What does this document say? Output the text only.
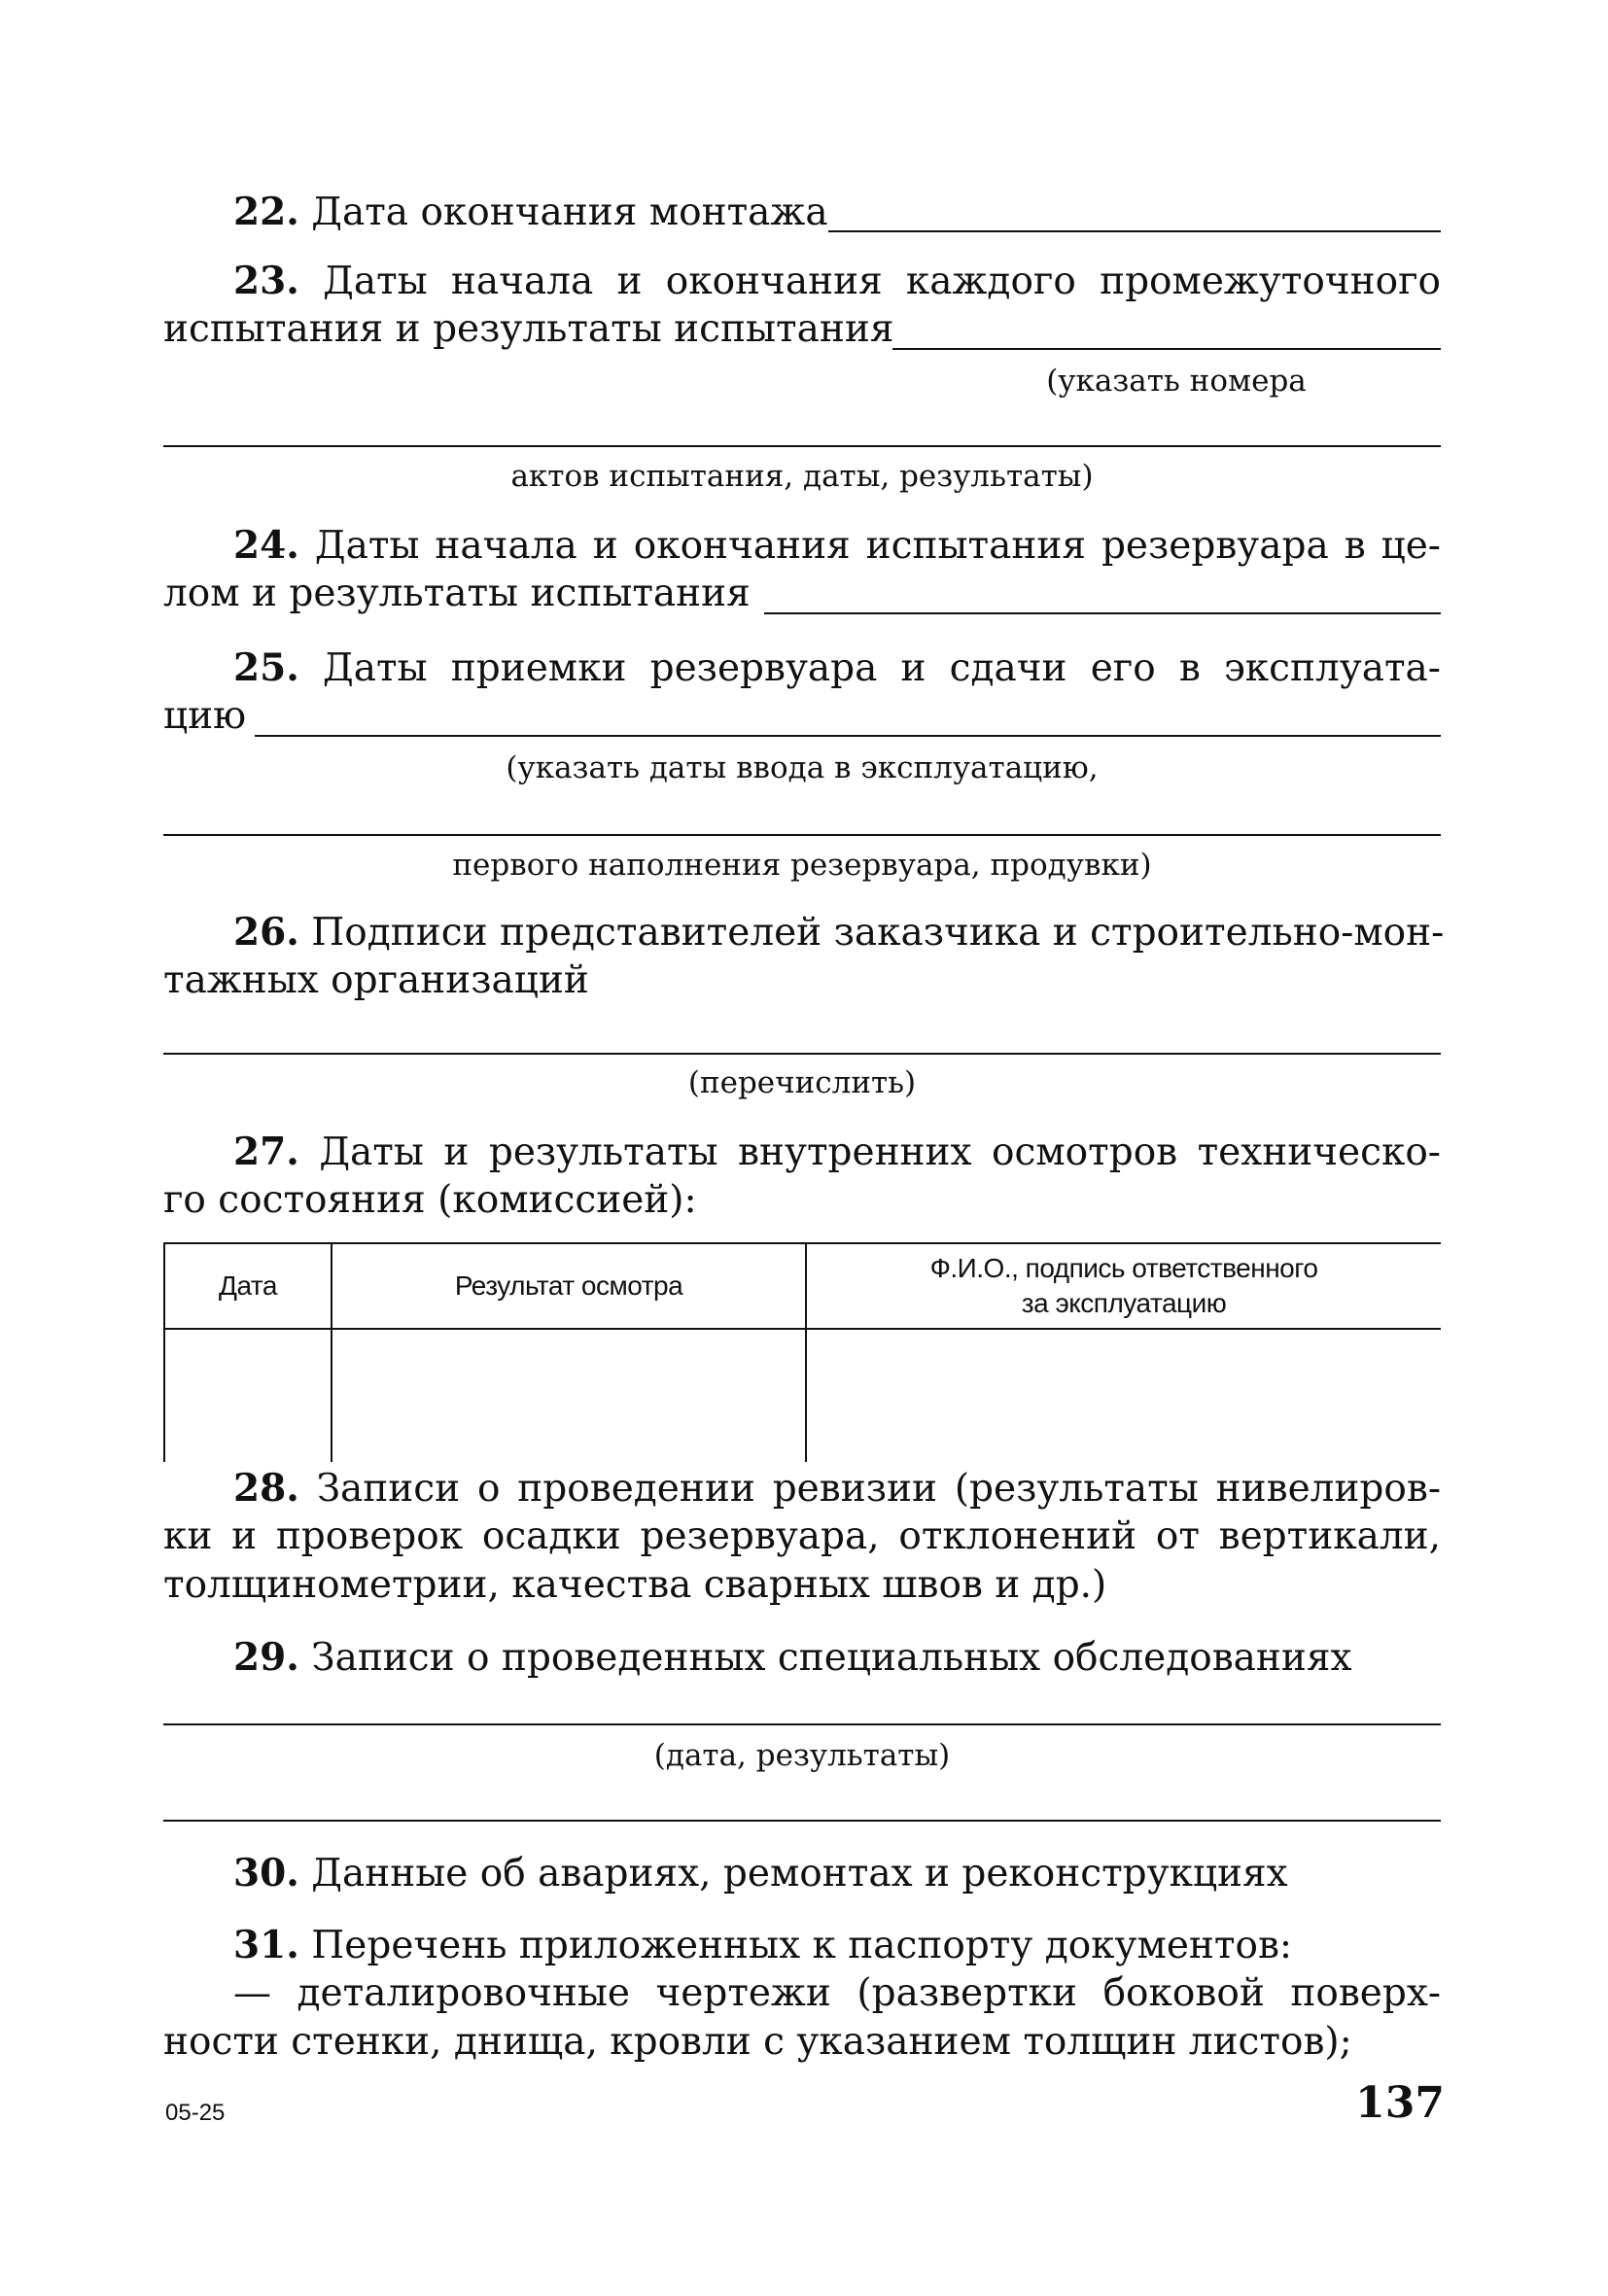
22. Дата окончания монтажа
23. Даты начала и окончания каждого промежуточного
испытания и результаты испытания
(указать номера
актов испытания, даты, результаты)
24. Даты начала и окончания испытания резервуара в це-
лом и результаты испытания
25. Даты приемки резервуара и сдачи его в эксплуата-
цию
(указать даты ввода в эксплуатацию,
первого наполнения резервуара, продувки)
26. Подписи представителей заказчика и строительно-мон-
тажных организаций
(перечислить)
27. Даты и результаты внутренних осмотров техническо-
го состояния (комиссией):
Дата	Результат осмотра	Ф.И.О., подпись ответственного
за эксплуатацию

28. Записи о проведении ревизии (результаты нивелиров-
ки и проверок осадки резервуара, отклонений от вертикали,
толщинометрии, качества сварных швов и др.)
29. Записи о проведенных специальных обследованиях
(дата, результаты)
30. Данные об авариях, ремонтах и реконструкциях
31. Перечень приложенных к паспорту документов:
— деталировочные чертежи (развертки боковой поверх-
ности стенки, днища, кровли с указанием толщин листов);
05-25	137
